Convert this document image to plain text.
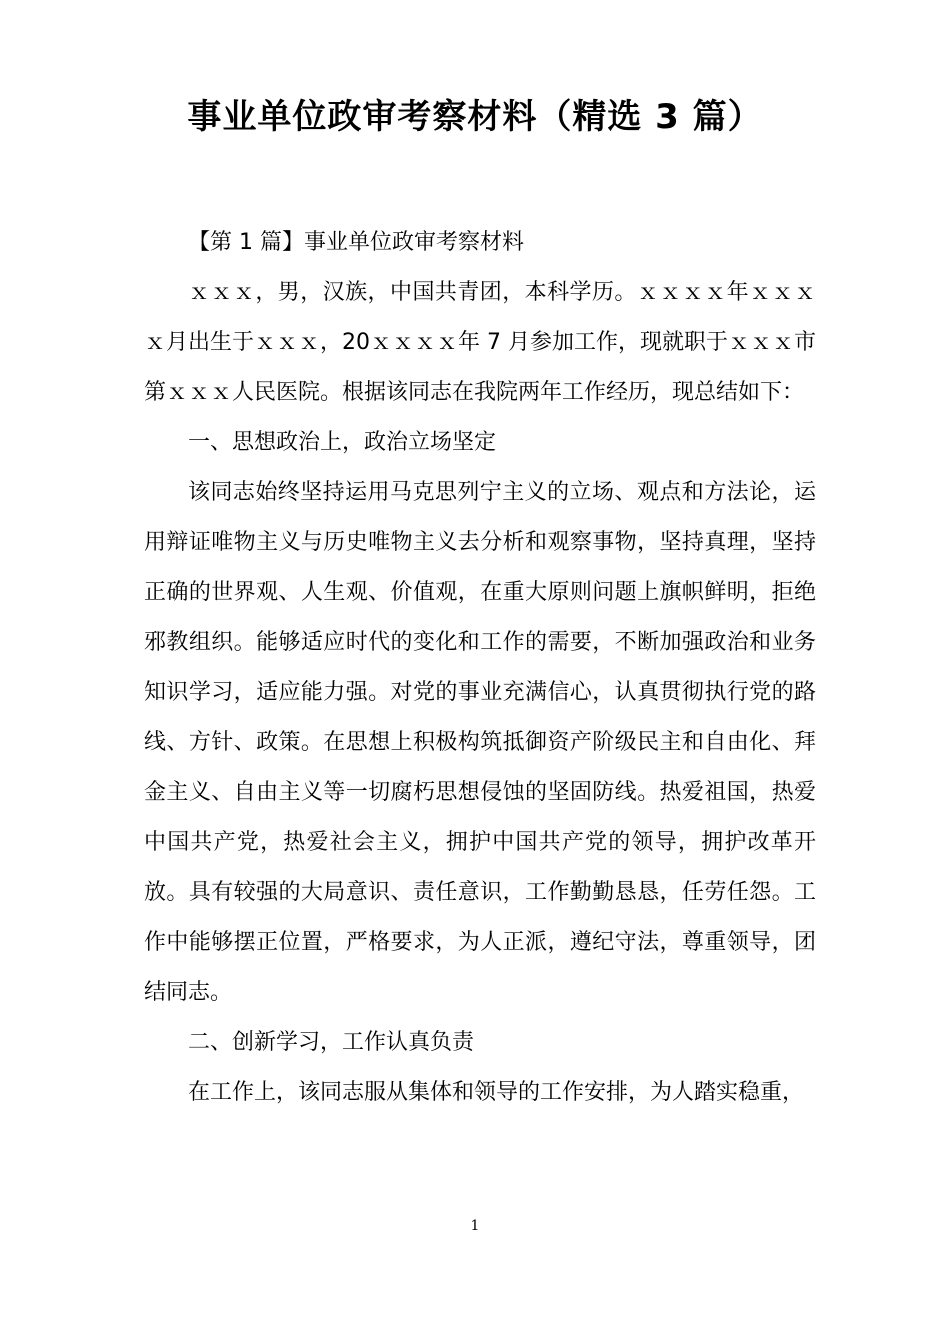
事业单位政审考察材料（精选 3 篇）

【第 1 篇】事业单位政审考察材料

ｘｘｘ，男，汉族，中国共青团，本科学历。ｘｘｘｘ年ｘｘｘｘ月出生于ｘｘｘ，20ｘｘｘｘ年 7 月参加工作，现就职于ｘｘｘ市第ｘｘｘ人民医院。根据该同志在我院两年工作经历，现总结如下：

一、思想政治上，政治立场坚定

该同志始终坚持运用马克思列宁主义的立场、观点和方法论，运用辩证唯物主义与历史唯物主义去分析和观察事物，坚持真理，坚持正确的世界观、人生观、价值观，在重大原则问题上旗帜鲜明，拒绝邪教组织。能够适应时代的变化和工作的需要，不断加强政治和业务知识学习，适应能力强。对党的事业充满信心，认真贯彻执行党的路线、方针、政策。在思想上积极构筑抵御资产阶级民主和自由化、拜金主义、自由主义等一切腐朽思想侵蚀的坚固防线。热爱祖国，热爱中国共产党，热爱社会主义，拥护中国共产党的领导，拥护改革开放。具有较强的大局意识、责任意识，工作勤勤恳恳，任劳任怨。工作中能够摆正位置，严格要求，为人正派，遵纪守法，尊重领导，团结同志。

二、创新学习，工作认真负责

在工作上，该同志服从集体和领导的工作安排，为人踏实稳重，

1
